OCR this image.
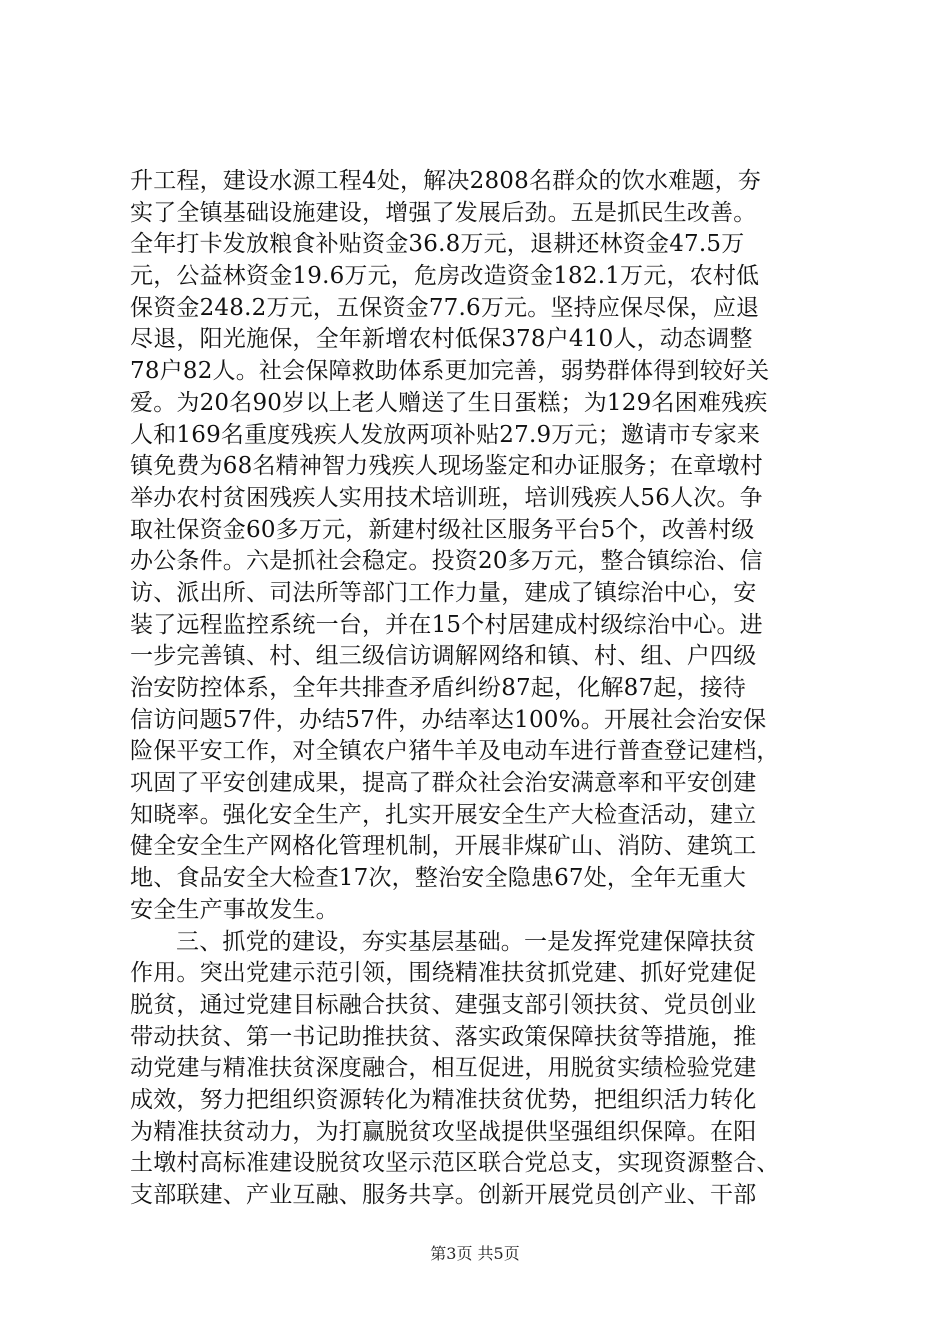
升工程，建设水源工程4处，解决2808名群众的饮水难题，夯
实了全镇基础设施建设，增强了发展后劲。五是抓民生改善。
全年打卡发放粮食补贴资金36.8万元，退耕还林资金47.5万
元，公益林资金19.6万元，危房改造资金182.1万元，农村低
保资金248.2万元，五保资金77.6万元。坚持应保尽保，应退
尽退，阳光施保，全年新增农村低保378户410人，动态调整
78户82人。社会保障救助体系更加完善，弱势群体得到较好关
爱。为20名90岁以上老人赠送了生日蛋糕；为129名困难残疾
人和169名重度残疾人发放两项补贴27.9万元；邀请市专家来
镇免费为68名精神智力残疾人现场鉴定和办证服务；在章墩村
举办农村贫困残疾人实用技术培训班，培训残疾人56人次。争
取社保资金60多万元，新建村级社区服务平台5个，改善村级
办公条件。六是抓社会稳定。投资20多万元，整合镇综治、信
访、派出所、司法所等部门工作力量，建成了镇综治中心，安
装了远程监控系统一台，并在15个村居建成村级综治中心。进
一步完善镇、村、组三级信访调解网络和镇、村、组、户四级
治安防控体系，全年共排查矛盾纠纷87起，化解87起，接待
信访问题57件，办结57件，办结率达100%。开展社会治安保
险保平安工作，对全镇农户猪牛羊及电动车进行普查登记建档，
巩固了平安创建成果，提高了群众社会治安满意率和平安创建
知晓率。强化安全生产，扎实开展安全生产大检查活动，建立
健全安全生产网格化管理机制，开展非煤矿山、消防、建筑工
地、食品安全大检查17次，整治安全隐患67处，全年无重大
安全生产事故发生。
三、抓党的建设，夯实基层基础。一是发挥党建保障扶贫
作用。突出党建示范引领，围绕精准扶贫抓党建、抓好党建促
脱贫，通过党建目标融合扶贫、建强支部引领扶贫、党员创业
带动扶贫、第一书记助推扶贫、落实政策保障扶贫等措施，推
动党建与精准扶贫深度融合，相互促进，用脱贫实绩检验党建
成效，努力把组织资源转化为精准扶贫优势，把组织活力转化
为精准扶贫动力，为打赢脱贫攻坚战提供坚强组织保障。在阳
土墩村高标准建设脱贫攻坚示范区联合党总支，实现资源整合、
支部联建、产业互融、服务共享。创新开展党员创产业、干部
第3页 共5页
